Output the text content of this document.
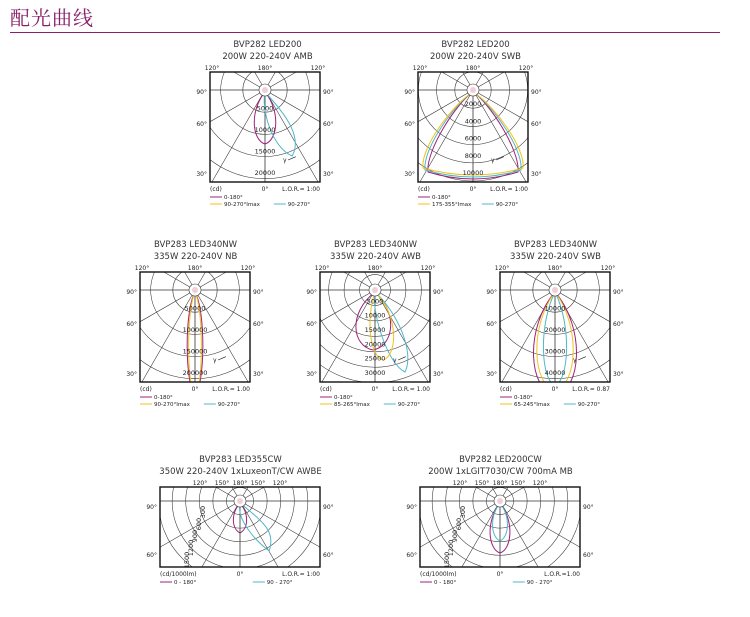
配光曲线
BVP282 LED200
200W 220-240V AMB
5000
10000
15000
20000
120°	180°	120°
90°	90°
60°	60°
30°	30°
γ
(cd)	0° L.O.R.= 1:00
0-180°
90-270°
90-270°Imax
BVP282 LED200
200W 220-240V SWB
2000
4000
6000
8000
10000
120°	180°	120°
90°	90°
60°	60°
30°	30°
γ
(cd)	0° L.O.R.= 1:00
0-180°
90-270°
175-355°Imax
BVP283 LED340NW
335W 220-240V NB
50000
100000
150000
200000
120°	180°	120°
90°	90°
60°	60°
30°	30°
γ
(cd)	0° L.O.R.= 1.00
0-180°
90-270°
90-270°Imax
BVP283 LED340NW
335W 220-240V AWB
5000
10000
15000
20000
25000
30000
120°	180°	120°
90°	90°
60°	60°
30°	30°
γ
(cd)	0° L.O.R.= 1.00
0-180°
90-270°
85-265°Imax
BVP283 LED340NW
335W 220-240V SWB
10000
20000
30000
40000
120°	180°	120°
90°	90°
60°	60°
30°	30°
γ
(cd)	0° L.O.R.= 0.87
0-180°
90-270°
65-245°Imax
BVP283 LED355CW
350W 220-240V 1xLuxeonT/CW AWBE
300
600
900
1200
1500
120° 150° 180° 150° 120°
90°	90°
60°	60°
(cd/1000lm)	0°	L.O.R.= 1:00
0 - 180°	90 - 270°
BVP282 LED200CW
200W 1xLGIT7030/CW 700mA MB
300
600
900
1200
1500
120° 150° 180° 150° 120°
90°	90°
60°	60°
(cd/1000lm)	0°	L.O.R.=1.00
0 - 180°	90 - 270°
